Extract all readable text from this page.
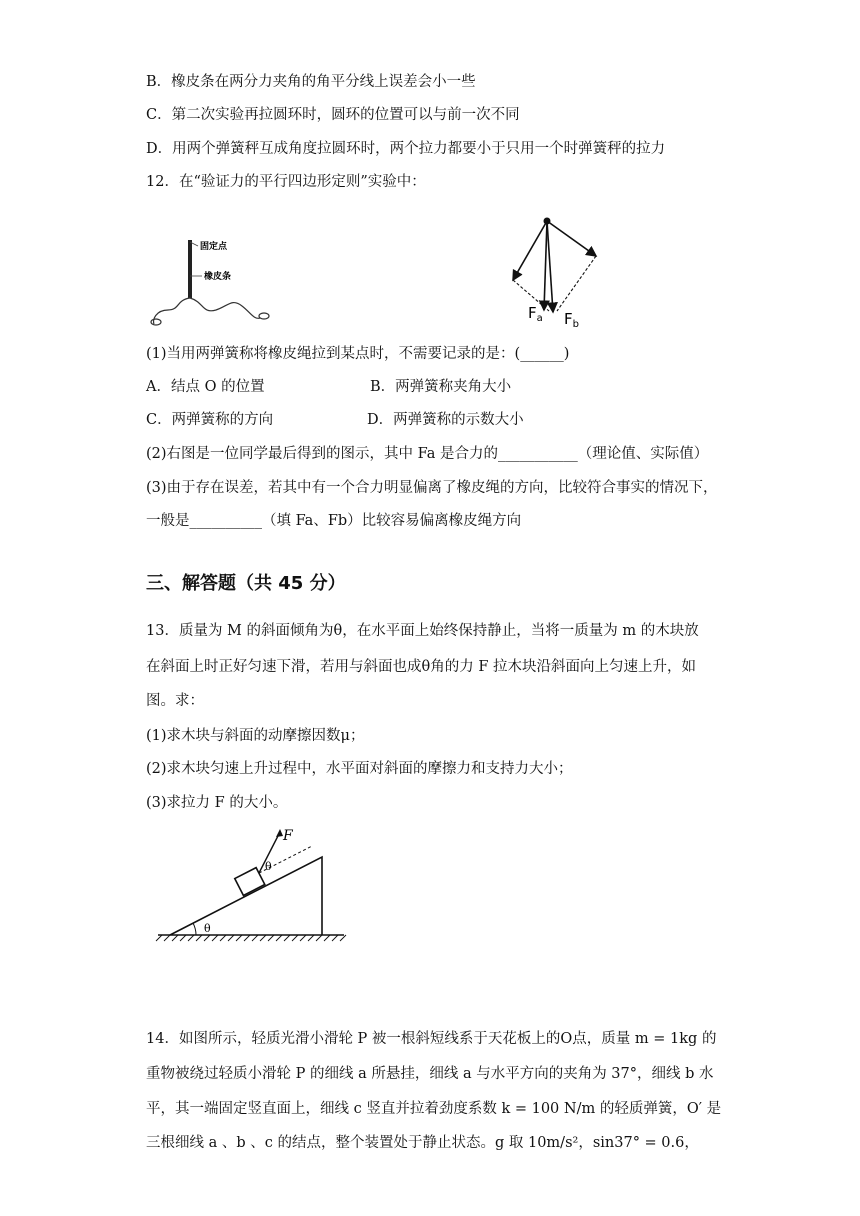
B．橡皮条在两分力夹角的角平分线上误差会小一些
C．第二次实验再拉圆环时，圆环的位置可以与前一次不同
D．用两个弹簧秤互成角度拉圆环时，两个拉力都要小于只用一个时弹簧秤的拉力
12．在“验证力的平行四边形定则”实验中：
固定点
橡皮条
$F_a$ $F_b$
(1)当用两弹簧称将橡皮绳拉到某点时，不需要记录的是：(______)
A．结点 O 的位置	B．两弹簧称夹角大小
C．两弹簧称的方向	D．两弹簧称的示数大小
(2)右图是一位同学最后得到的图示，其中 Fa 是合力的___________（理论值、实际值）
(3)由于存在误差，若其中有一个合力明显偏离了橡皮绳的方向，比较符合事实的情况下，
一般是__________（填 Fa、Fb）比较容易偏离橡皮绳方向
三、解答题（共 45 分）
13．质量为 M 的斜面倾角为θ，在水平面上始终保持静止，当将一质量为 m 的木块放
在斜面上时正好匀速下滑，若用与斜面也成θ角的力 F 拉木块沿斜面向上匀速上升，如
图。求：
(1)求木块与斜面的动摩擦因数μ；
(2)求木块匀速上升过程中，水平面对斜面的摩擦力和支持力大小；
(3)求拉力 F 的大小。
F
θ
θ
14．如图所示，轻质光滑小滑轮 P 被一根斜短线系于天花板上的O点，质量 m = 1kg 的
重物被绕过轻质小滑轮 P 的细线 a 所悬挂，细线 a 与水平方向的夹角为 37°，细线 b 水
平，其一端固定竖直面上，细线 c 竖直并拉着劲度系数 k = 100 N/m 的轻质弹簧，O′ 是
三根细线 a 、b 、c 的结点，整个装置处于静止状态。g 取 10m/s²，sin37° = 0.6，
